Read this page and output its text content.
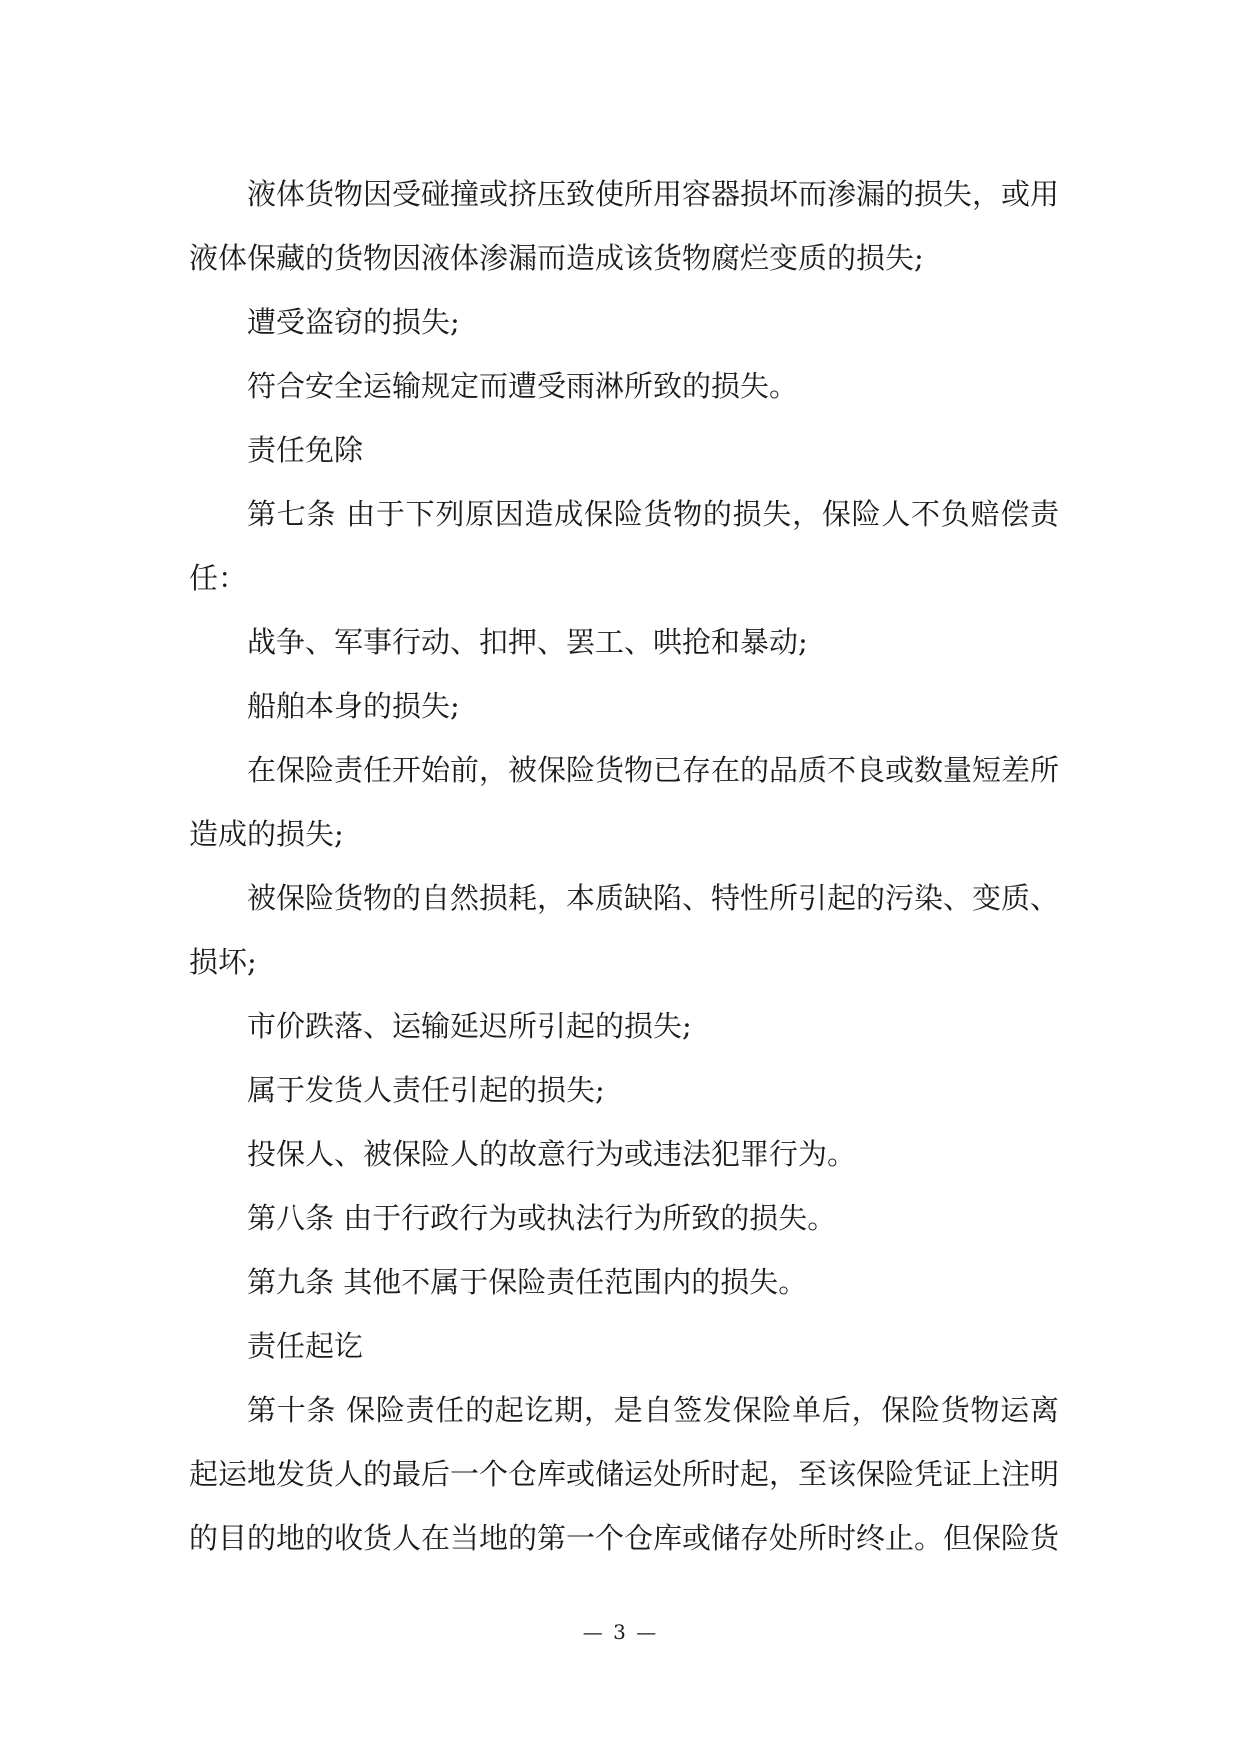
液体货物因受碰撞或挤压致使所用容器损坏而渗漏的损失，或用液体保藏的货物因液体渗漏而造成该货物腐烂变质的损失;

遭受盗窃的损失;

符合安全运输规定而遭受雨淋所致的损失。

责任免除

第七条 由于下列原因造成保险货物的损失，保险人不负赔偿责任：

战争、军事行动、扣押、罢工、哄抢和暴动;

船舶本身的损失;

在保险责任开始前，被保险货物已存在的品质不良或数量短差所造成的损失;

被保险货物的自然损耗，本质缺陷、特性所引起的污染、变质、损坏;

市价跌落、运输延迟所引起的损失;

属于发货人责任引起的损失;

投保人、被保险人的故意行为或违法犯罪行为。

第八条 由于行政行为或执法行为所致的损失。

第九条 其他不属于保险责任范围内的损失。

责任起讫

第十条 保险责任的起讫期，是自签发保险单后，保险货物运离起运地发货人的最后一个仓库或储运处所时起，至该保险凭证上注明的目的地的收货人在当地的第一个仓库或储存处所时终止。但保险货

— 3 —
